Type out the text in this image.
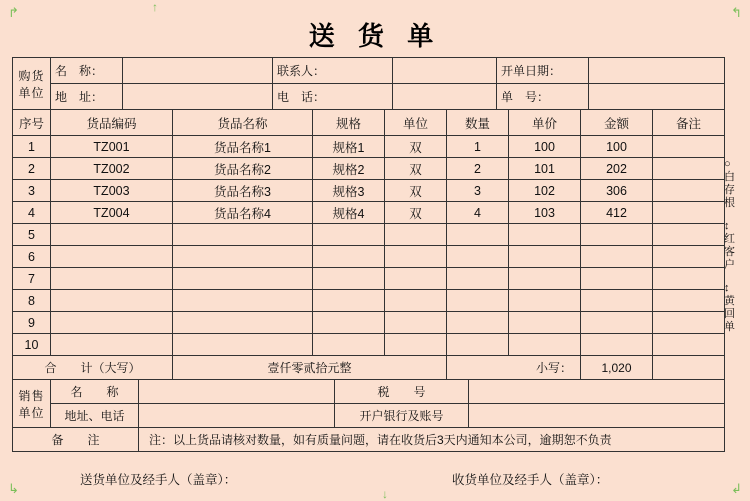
↱	↰
↳	↲
↑
↓
送 货 单
购货
单位	名　称：		联系人：		开单日期：	
	地　址：		电　话：		单　号：	
序号	货品编码	货品名称	规格	单位	数量	单价	金额	备注
1	TZ001	货品名称1	规格1	双	1	100	100	
2	TZ002	货品名称2	规格2	双	2	101	202	
3	TZ003	货品名称3	规格3	双	3	102	306	
4	TZ004	货品名称4	规格4	双	4	103	412	
5								
6								
7								
8								
9								
10								
合　　计（大写）		壹仟零贰拾元整			小写：		1,020	
销售
单位	名　　称		税　　号	
	地址、电话		开户银行及账号	
备　　注		注：以上货品请核对数量，如有质量问题，请在收货后3天内通知本公司，逾期恕不负责		
○
白
存
根
↕
红
客
户
↕
黄
回
单
送货单位及经手人（盖章）：	收货单位及经手人（盖章）：
